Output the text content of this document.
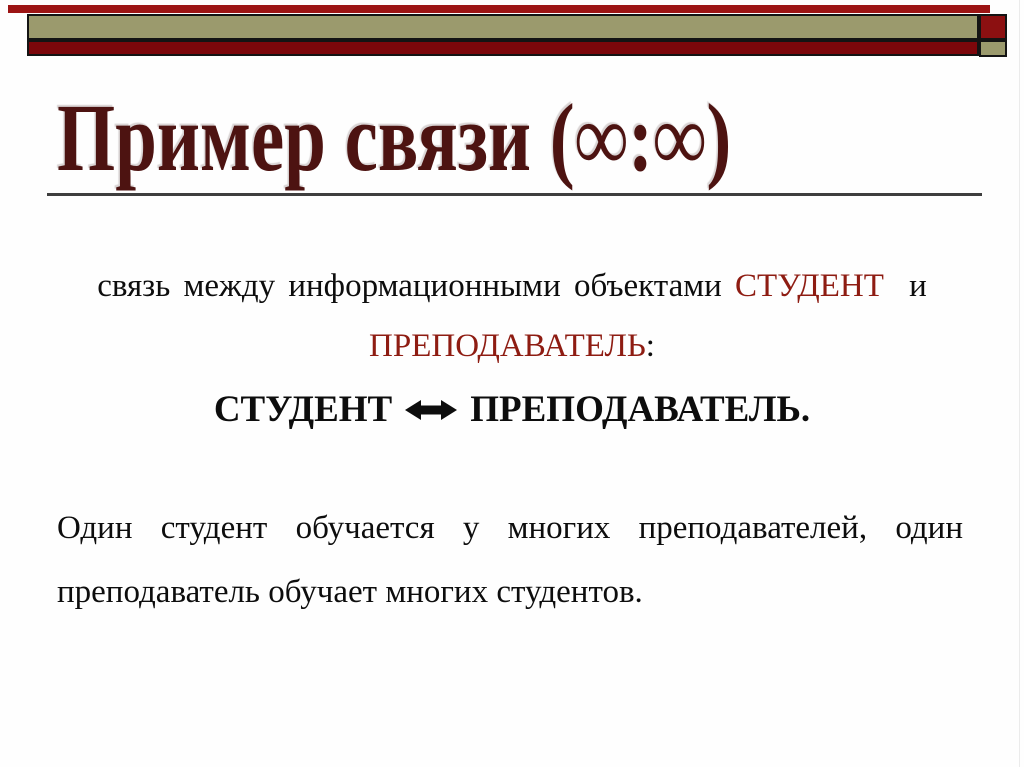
Пример связи (∞:∞)
связь между информационными объектами СТУДЕНТ и
ПРЕПОДАВАТЕЛЬ:
СТУДЕНТ ПРЕПОДАВАТЕЛЬ.
Один студент обучается у многих преподавателей, один
преподаватель обучает многих студентов.
